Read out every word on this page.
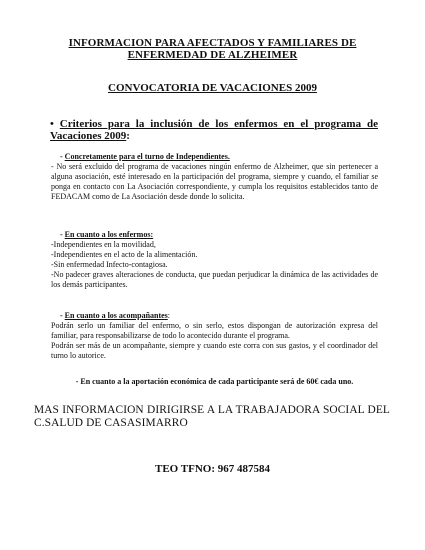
INFORMACION PARA AFECTADOS Y FAMILIARES DE ENFERMEDAD DE ALZHEIMER
CONVOCATORIA DE VACACIONES 2009
• Criterios para la inclusión de los enfermos en el programa de Vacaciones 2009:

- Concretamente para el turno de Independientes.

- No será excluido del programa de vacaciones ningún enfermo de Alzheimer, que sin pertenecer a alguna asociación, esté interesado en la participación del programa, siempre y cuando, el familiar se ponga en contacto con La Asociación correspondiente, y cumpla los requisitos establecidos tanto de FEDACAM como de La Asociación desde donde lo solicita.

- En cuanto a los enfermos:

-Independientes en la movilidad,

-Independientes en el acto de la alimentación.

-Sin enfermedad Infecto-contagiosa.

-No padecer graves alteraciones de conducta, que puedan perjudicar la dinámica de las actividades de los demás participantes.

- En cuanto a los acompañantes:

Podrán serlo un familiar del enfermo, o sin serlo, estos dispongan de autorización expresa del familiar, para responsabilizarse de todo lo acontecido durante el programa.

Podrán ser más de un acompañante, siempre y cuando este corra con sus gastos, y el coordinador del turno lo autorice.

- En cuanto a la aportación económica de cada participante será de 60€ cada uno.
MAS INFORMACION DIRIGIRSE A LA TRABAJADORA SOCIAL DEL C.SALUD DE CASASIMARRO
TEO TFNO: 967 487584
